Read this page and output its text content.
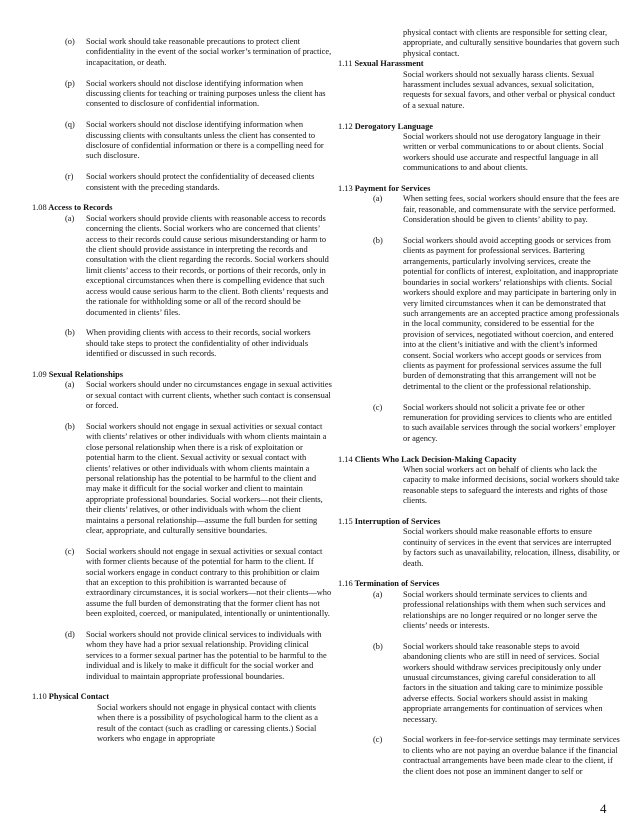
(o) Social work should take reasonable precautions to protect client confidentiality in the event of the social worker’s termination of practice, incapacitation, or death.
(p) Social workers should not disclose identifying information when discussing clients for teaching or training purposes unless the client has consented to disclosure of confidential information.
(q) Social workers should not disclose identifying information when discussing clients with consultants unless the client has consented to disclosure of confidential information or there is a compelling need for such disclosure.
(r) Social workers should protect the confidentiality of deceased clients consistent with the preceding standards.
1.08 Access to Records
(a) Social workers should provide clients with reasonable access to records concerning the clients. Social workers who are concerned that clients’ access to their records could cause serious misunderstanding or harm to the client should provide assistance in interpreting the records and consultation with the client regarding the records. Social workers should limit clients’ access to their records, or portions of their records, only in exceptional circumstances when there is compelling evidence that such access would cause serious harm to the client. Both clients’ requests and the rationale for withholding some or all of the record should be documented in clients’ files.
(b) When providing clients with access to their records, social workers should take steps to protect the confidentiality of other individuals identified or discussed in such records.
1.09 Sexual Relationships
(a) Social workers should under no circumstances engage in sexual activities or sexual contact with current clients, whether such contact is consensual or forced.
(b) Social workers should not engage in sexual activities or sexual contact with clients’ relatives or other individuals with whom clients maintain a close personal relationship when there is a risk of exploitation or potential harm to the client. Sexual activity or sexual contact with clients’ relatives or other individuals with whom clients maintain a personal relationship has the potential to be harmful to the client and may make it difficult for the social worker and client to maintain appropriate professional boundaries. Social workers—not their clients, their clients’ relatives, or other individuals with whom the client maintains a personal relationship—assume the full burden for setting clear, appropriate, and culturally sensitive boundaries.
(c) Social workers should not engage in sexual activities or sexual contact with former clients because of the potential for harm to the client. If social workers engage in conduct contrary to this prohibition or claim that an exception to this prohibition is warranted because of extraordinary circumstances, it is social workers—not their clients—who assume the full burden of demonstrating that the former client has not been exploited, coerced, or manipulated, intentionally or unintentionally.
(d) Social workers should not provide clinical services to individuals with whom they have had a prior sexual relationship. Providing clinical services to a former sexual partner has the potential to be harmful to the individual and is likely to make it difficult for the social worker and individual to maintain appropriate professional boundaries.
1.10 Physical Contact
Social workers should not engage in physical contact with clients when there is a possibility of psychological harm to the client as a result of the contact (such as cradling or caressing clients.) Social workers who engage in appropriate
physical contact with clients are responsible for setting clear, appropriate, and culturally sensitive boundaries that govern such physical contact.
1.11 Sexual Harassment
Social workers should not sexually harass clients. Sexual harassment includes sexual advances, sexual solicitation, requests for sexual favors, and other verbal or physical conduct of a sexual nature.
1.12 Derogatory Language
Social workers should not use derogatory language in their written or verbal communications to or about clients. Social workers should use accurate and respectful language in all communications to and about clients.
1.13 Payment for Services
(a) When setting fees, social workers should ensure that the fees are fair, reasonable, and commensurate with the service performed. Consideration should be given to clients’ ability to pay.
(b) Social workers should avoid accepting goods or services from clients as payment for professional services. Bartering arrangements, particularly involving services, create the potential for conflicts of interest, exploitation, and inappropriate boundaries in social workers’ relationships with clients. Social workers should explore and may participate in bartering only in very limited circumstances when it can be demonstrated that such arrangements are an accepted practice among professionals in the local community, considered to be essential for the provision of services, negotiated without coercion, and entered into at the client’s initiative and with the client’s informed consent. Social workers who accept goods or services from clients as payment for professional services assume the full burden of demonstrating that this arrangement will not be detrimental to the client or the professional relationship.
(c) Social workers should not solicit a private fee or other remuneration for providing services to clients who are entitled to such available services through the social workers’ employer or agency.
1.14 Clients Who Lack Decision-Making Capacity
When social workers act on behalf of clients who lack the capacity to make informed decisions, social workers should take reasonable steps to safeguard the interests and rights of those clients.
1.15 Interruption of Services
Social workers should make reasonable efforts to ensure continuity of services in the event that services are interrupted by factors such as unavailability, relocation, illness, disability, or death.
1.16 Termination of Services
(a) Social workers should terminate services to clients and professional relationships with them when such services and relationships are no longer required or no longer serve the clients’ needs or interests.
(b) Social workers should take reasonable steps to avoid abandoning clients who are still in need of services. Social workers should withdraw services precipitously only under unusual circumstances, giving careful consideration to all factors in the situation and taking care to minimize possible adverse effects. Social workers should assist in making appropriate arrangements for continuation of services when necessary.
(c) Social workers in fee-for-service settings may terminate services to clients who are not paying an overdue balance if the financial contractual arrangements have been made clear to the client, if the client does not pose an imminent danger to self or
4
